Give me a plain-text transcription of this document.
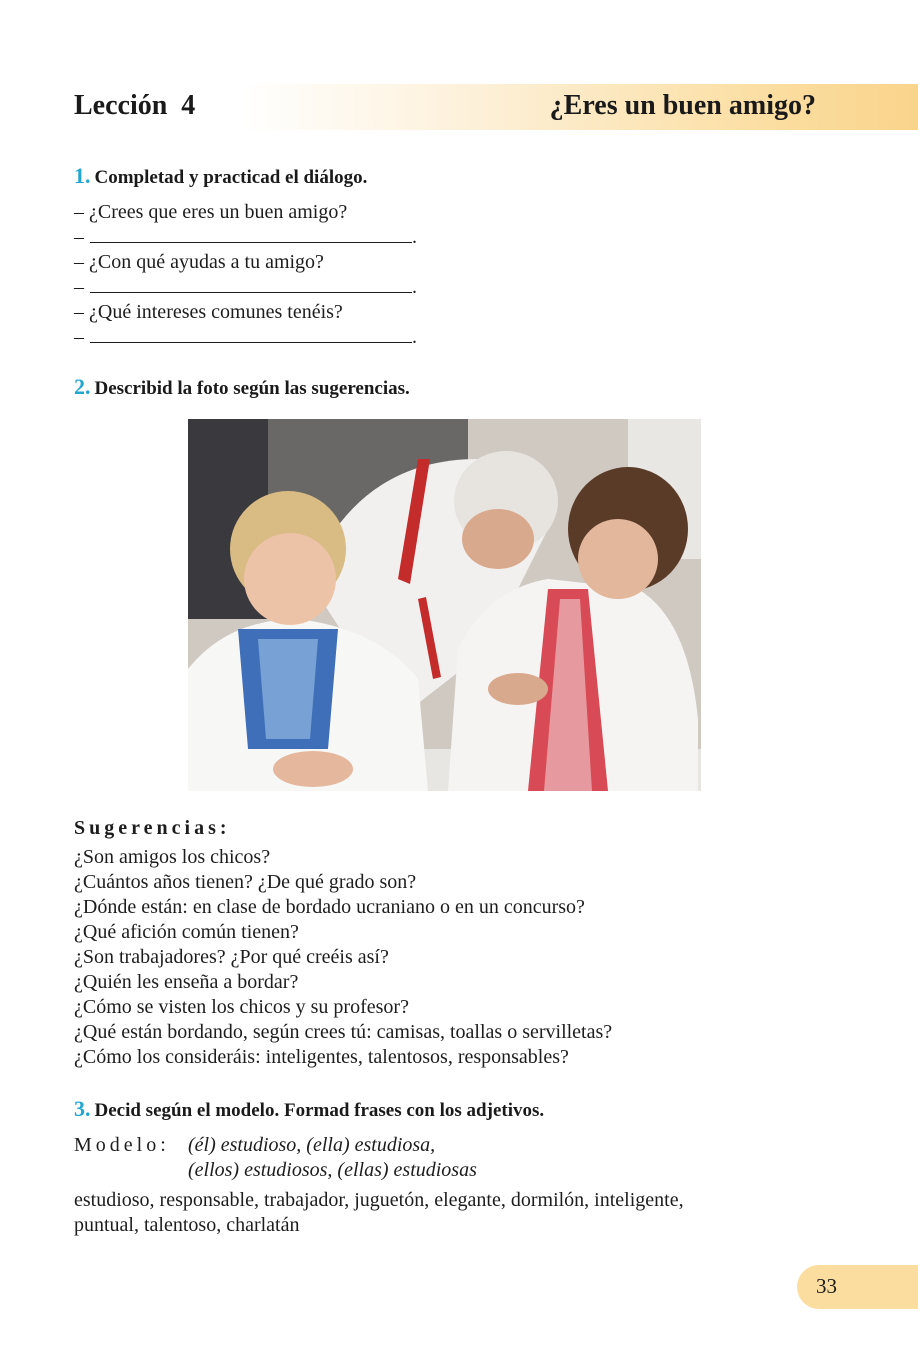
Lección  4	¿Eres un buen amigo?
1. Completad y practicad el diálogo.
– ¿Crees que eres un buen amigo?
–	.
– ¿Con qué ayudas a tu amigo?
–	.
– ¿Qué intereses comunes tenéis?
–	.
2. Describid la foto según las sugerencias.
Sugerencias:
¿Son amigos los chicos?
¿Cuántos años tienen? ¿De qué grado son?
¿Dónde están: en clase de bordado ucraniano o en un concurso?
¿Qué afición común tienen?
¿Son trabajadores? ¿Por qué creéis así?
¿Quién les enseña a bordar?
¿Cómo se visten los chicos y su profesor?
¿Qué están bordando, según crees tú: camisas, toallas o servilletas?
¿Cómo los consideráis: inteligentes, talentosos, responsables?
3. Decid según el modelo. Formad frases con los adjetivos.
Modelo: (él) estudioso, (ella) estudiosa,
(ellos) estudiosos, (ellas) estudiosas
estudioso, responsable, trabajador, juguetón, elegante, dormilón, inteligente,
puntual, talentoso, charlatán
33
